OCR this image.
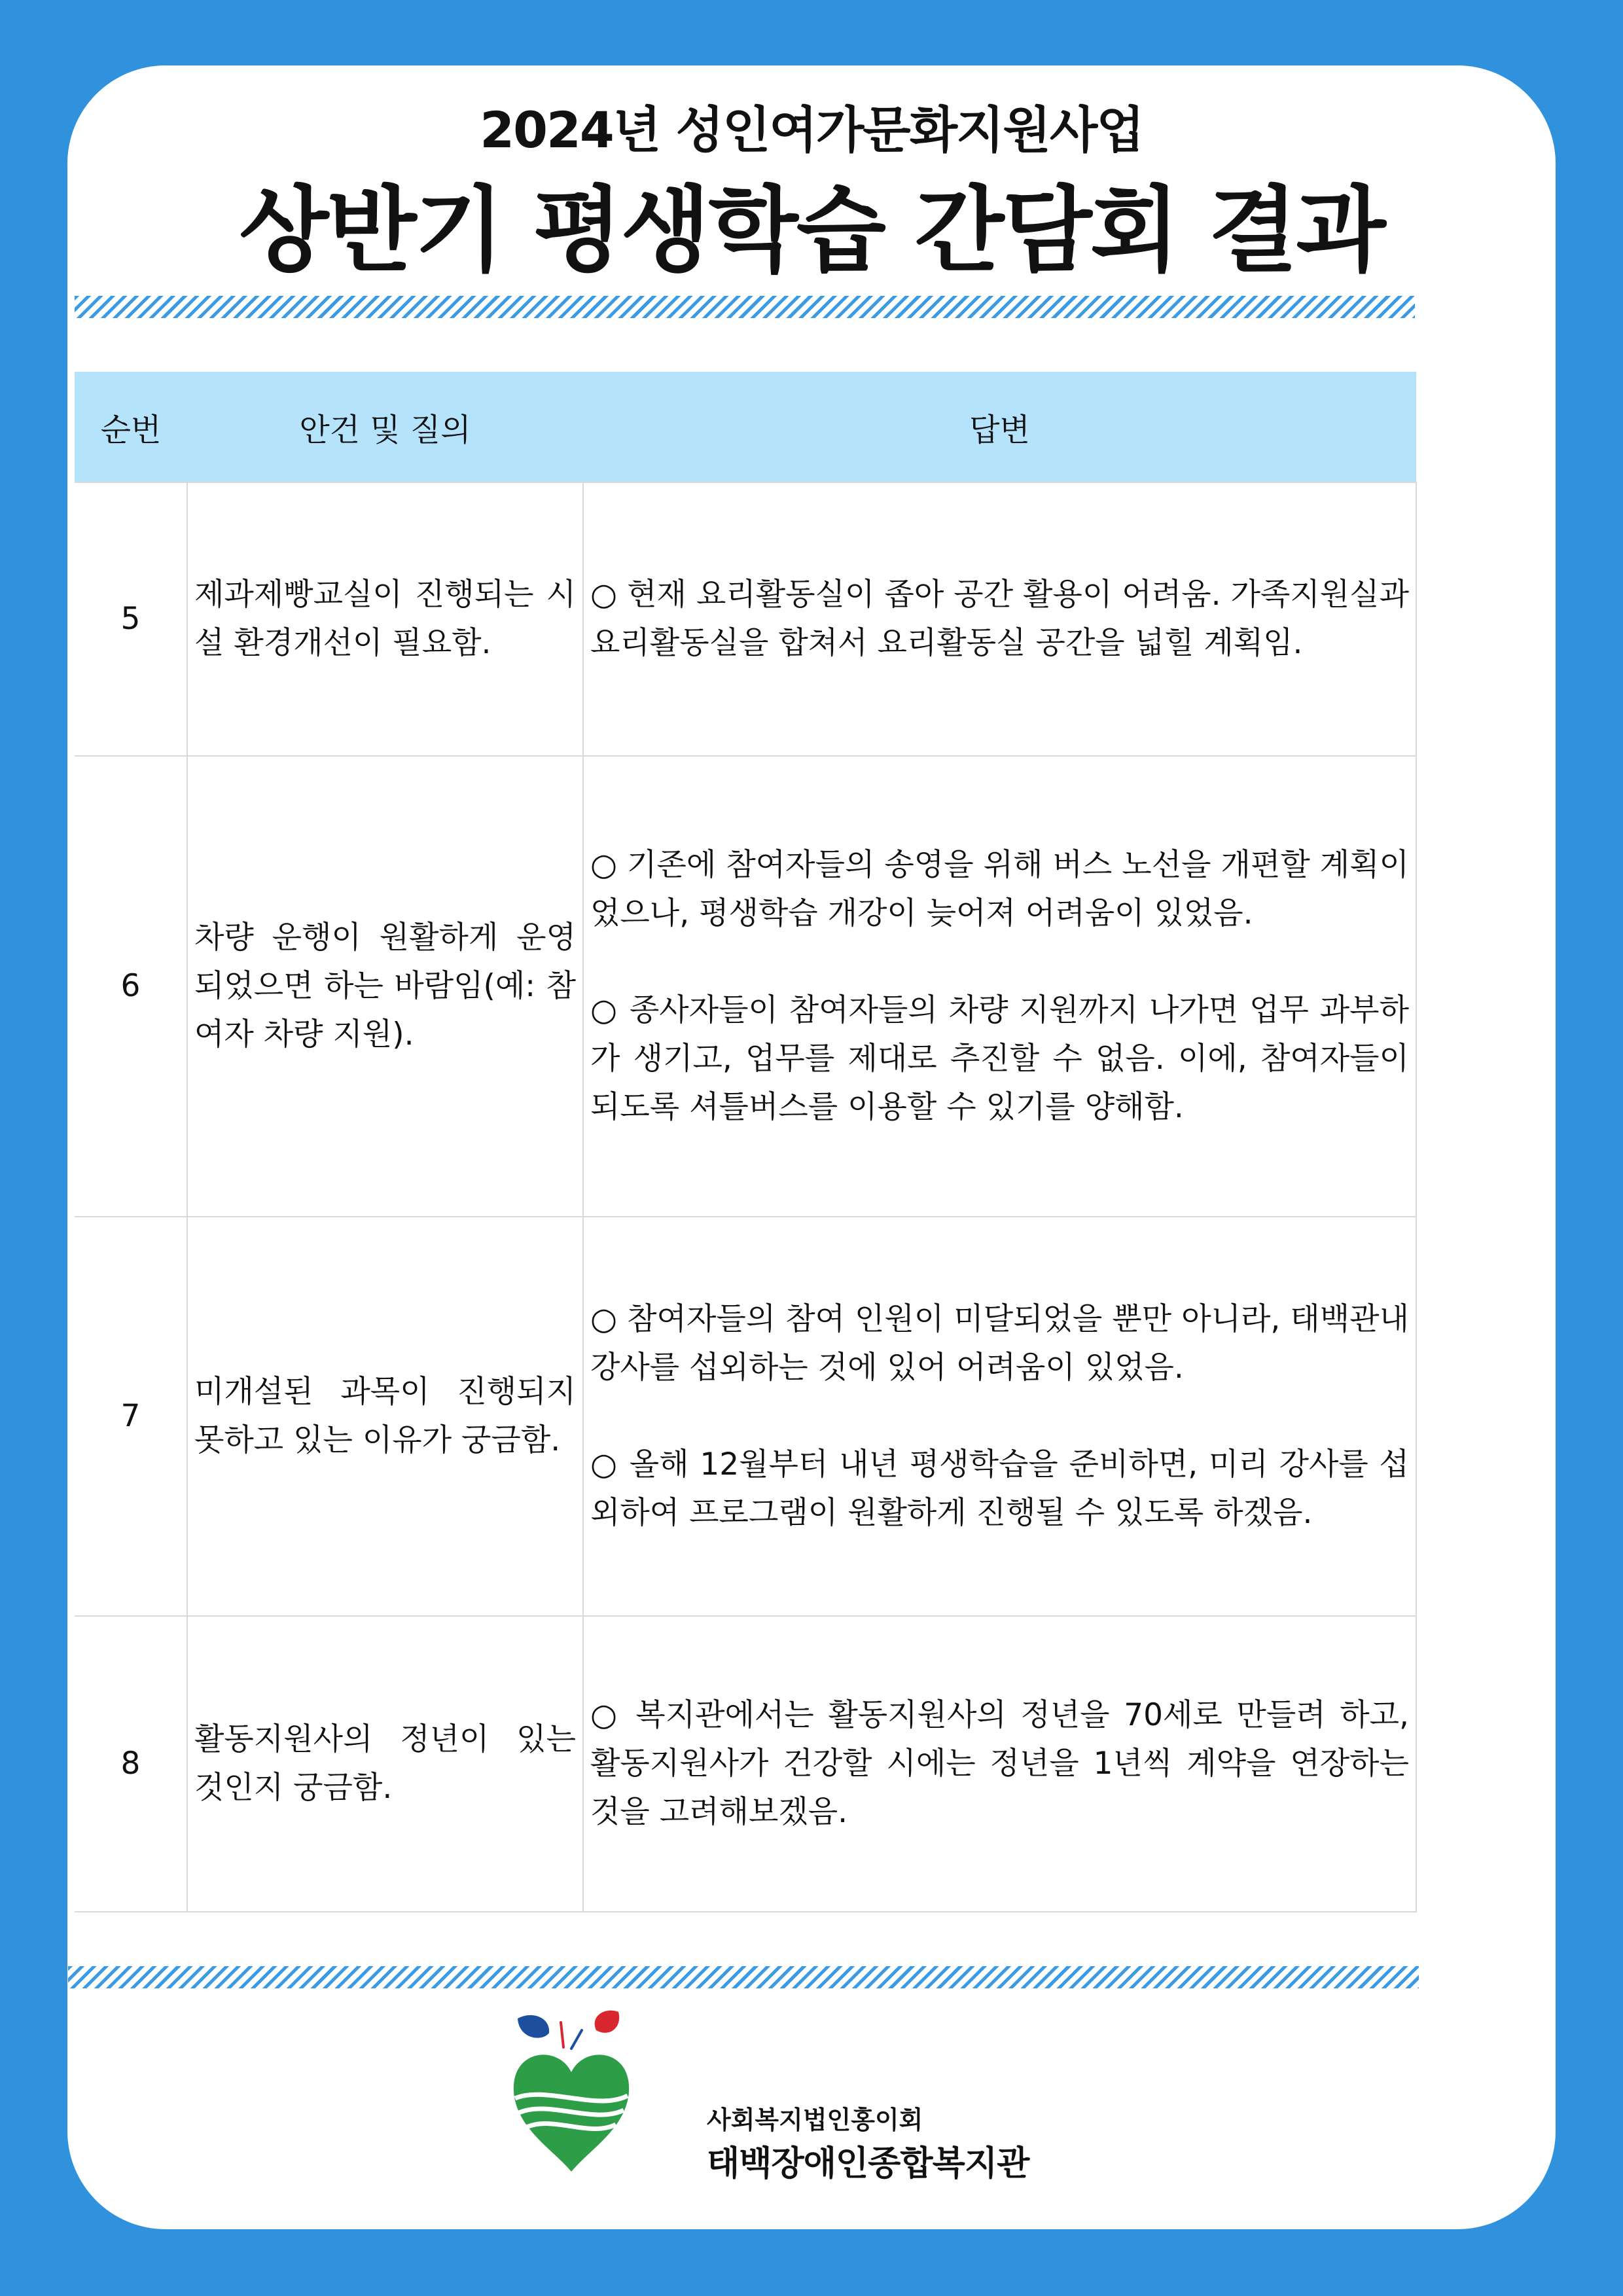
2024년 성인여가문화지원사업
상반기 평생학습 간담회 결과
순번	안건 및 질의	답변
5	제과제빵교실이 진행되는 시설 환경개선이 필요함.	○ 현재 요리활동실이 좁아 공간 활용이 어려움. 가족지원실과 요리활동실을 합쳐서 요리활동실 공간을 넓힐 계획임.

6	차량 운행이 원활하게 운영되었으면 하는 바람임(예: 참여자 차량 지원).	○ 기존에 참여자들의 송영을 위해 버스 노선을 개편할 계획이었으나, 평생학습 개강이 늦어져 어려움이 있었음.

○ 종사자들이 참여자들의 차량 지원까지 나가면 업무 과부하가 생기고, 업무를 제대로 추진할 수 없음. 이에, 참여자들이 되도록 셔틀버스를 이용할 수 있기를 양해함.

7	미개설된 과목이 진행되지 못하고 있는 이유가 궁금함.	○ 참여자들의 참여 인원이 미달되었을 뿐만 아니라, 태백관내 강사를 섭외하는 것에 있어 어려움이 있었음.

○ 올해 12월부터 내년 평생학습을 준비하면, 미리 강사를 섭외하여 프로그램이 원활하게 진행될 수 있도록 하겠음.

8	활동지원사의 정년이 있는 것인지 궁금함.	○ 복지관에서는 활동지원사의 정년을 70세로 만들려 하고, 활동지원사가 건강할 시에는 정년을 1년씩 계약을 연장하는 것을 고려해보겠음.

사회복지법인홍이회
태백장애인종합복지관
